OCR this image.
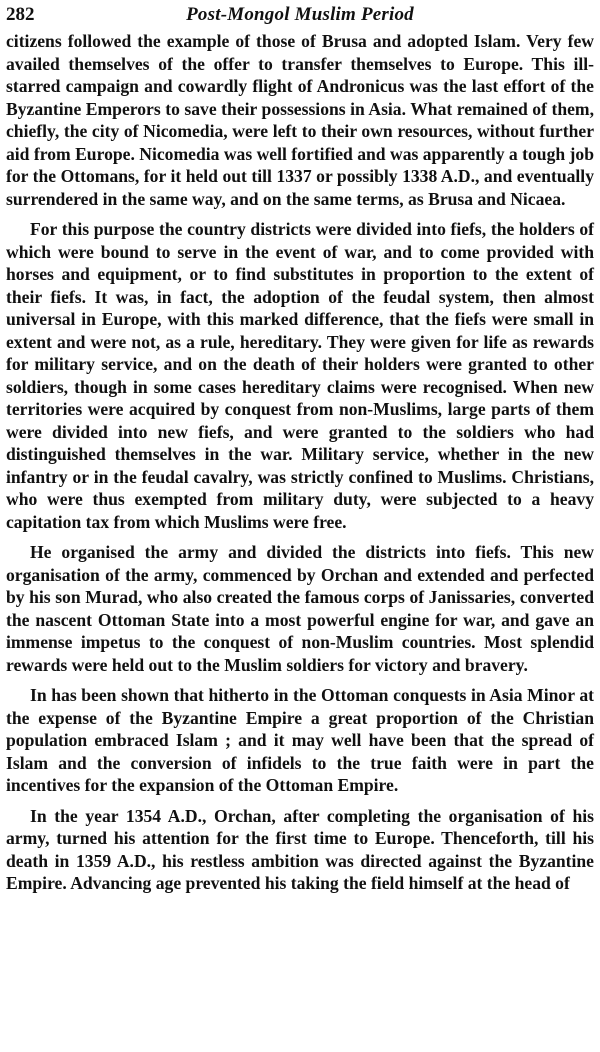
282	Post-Mongol Muslim Period

citizens followed the example of those of Brusa and adopted Islam. Very few availed themselves of the offer to transfer themselves to Europe. This ill-starred campaign and cowardly flight of Andronicus was the last effort of the Byzantine Emperors to save their possessions in Asia. What remained of them, chiefly, the city of Nicomedia, were left to their own resources, without further aid from Europe. Nicomedia was well fortified and was apparently a tough job for the Ottomans, for it held out till 1337 or possibly 1338 A.D., and eventually surrendered in the same way, and on the same terms, as Brusa and Nicaea.

For this purpose the country districts were divided into fiefs, the holders of which were bound to serve in the event of war, and to come provided with horses and equipment, or to find substitutes in proportion to the extent of their fiefs. It was, in fact, the adoption of the feudal system, then almost universal in Europe, with this marked difference, that the fiefs were small in extent and were not, as a rule, hereditary. They were given for life as rewards for military service, and on the death of their holders were granted to other soldiers, though in some cases hereditary claims were recognised. When new territories were acquired by conquest from non-Muslims, large parts of them were divided into new fiefs, and were granted to the soldiers who had distinguished themselves in the war. Military service, whether in the new infantry or in the feudal cavalry, was strictly confined to Muslims. Christians, who were thus exempted from military duty, were subjected to a heavy capitation tax from which Muslims were free.

He organised the army and divided the districts into fiefs. This new organisation of the army, commenced by Orchan and extended and perfected by his son Murad, who also created the famous corps of Janissaries, converted the nascent Ottoman State into a most powerful engine for war, and gave an immense impetus to the conquest of non-Muslim countries. Most splendid rewards were held out to the Muslim soldiers for victory and bravery.

In has been shown that hitherto in the Ottoman conquests in Asia Minor at the expense of the Byzantine Empire a great proportion of the Christian population embraced Islam ; and it may well have been that the spread of Islam and the conversion of infidels to the true faith were in part the incentives for the expansion of the Ottoman Empire.

In the year 1354 A.D., Orchan, after completing the organisation of his army, turned his attention for the first time to Europe. Thenceforth, till his death in 1359 A.D., his restless ambition was directed against the Byzantine Empire. Advancing age prevented his taking the field himself at the head of
